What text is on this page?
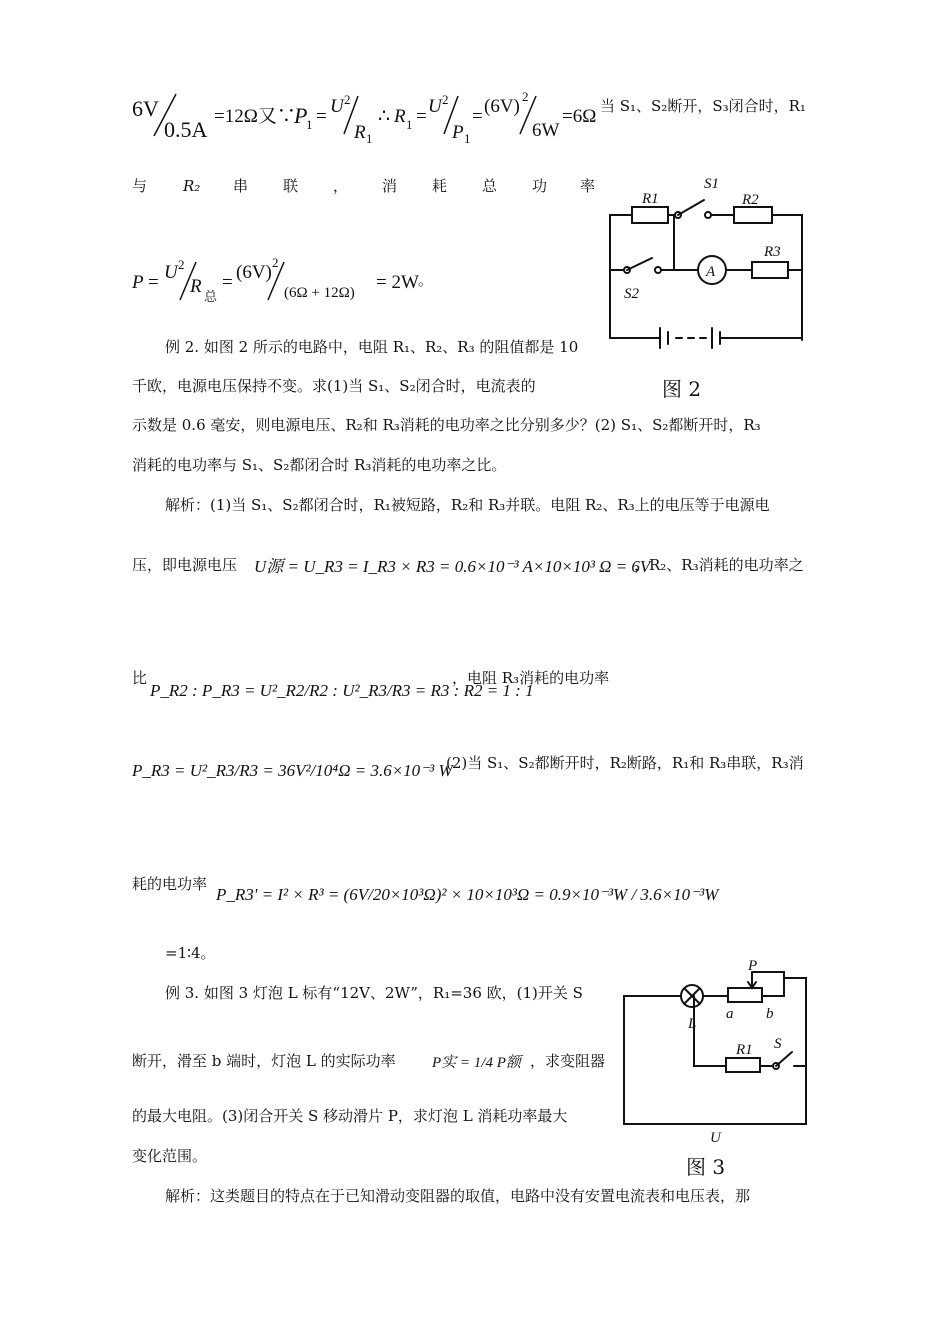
6V
0.5A
=12Ω又∵
P
1 = U 2
R 1
∴ R 1 = U 2
P 1
= (6V) 2
6W
=6Ω 当 S₁、S₂断开，S₃闭合时，R₁
与 R₂ 串 联 ， 消 耗 总 功 率
P = U 2
R 总
= (6V) 2
(6Ω + 12Ω) = 2W 。
例 2. 如图 2 所示的电路中，电阻 R₁、R₂、R₃ 的阻值都是 10
千欧，电源电压保持不变。求(1)当 S₁、S₂闭合时，电流表的
示数是 0.6 毫安，则电源电压、R₂和 R₃消耗的电功率之比分别多少？(2) S₁、S₂都断开时，R₃
消耗的电功率与 S₁、S₂都闭合时 R₃消耗的电功率之比。
解析：(1)当 S₁、S₂都闭合时，R₁被短路，R₂和 R₃并联。电阻 R₂、R₃上的电压等于电源电
压，即电源电压 U源 = U_R3 = I_R3 × R3 = 0.6×10⁻³ A×10×10³ Ω = 6V
，R₂、R₃消耗的电功率之
比
P_R2 : P_R3 = U²_R2/R2 : U²_R3/R3 = R3 : R2 = 1 : 1
，电阻 R₃消耗的电功率
P_R3 = U²_R3/R3 = 36V²/10⁴Ω = 3.6×10⁻³ W
(2)当 S₁、S₂都断开时，R₂断路，R₁和 R₃串联，R₃消
耗的电功率
P_R3' = I² × R³ = (6V/20×10³Ω)² × 10×10³Ω = 0.9×10⁻³W / 3.6×10⁻³W
=1∶4。
例 3. 如图 3 灯泡 L 标有“12V、2W”，R₁=36 欧，(1)开关 S
断开，滑至 b 端时，灯泡 L 的实际功率 P实 = 1/4 P额 ，求变阻器
的最大电阻。(3)闭合开关 S 移动滑片 P，求灯泡 L 消耗功率最大
变化范围。
解析：这类题目的特点在于已知滑动变阻器的取值，电路中没有安置电流表和电压表，那
R1
S1
R2
R3
A
S2
图 2
P
L
a b
R1 S
U
图 3
